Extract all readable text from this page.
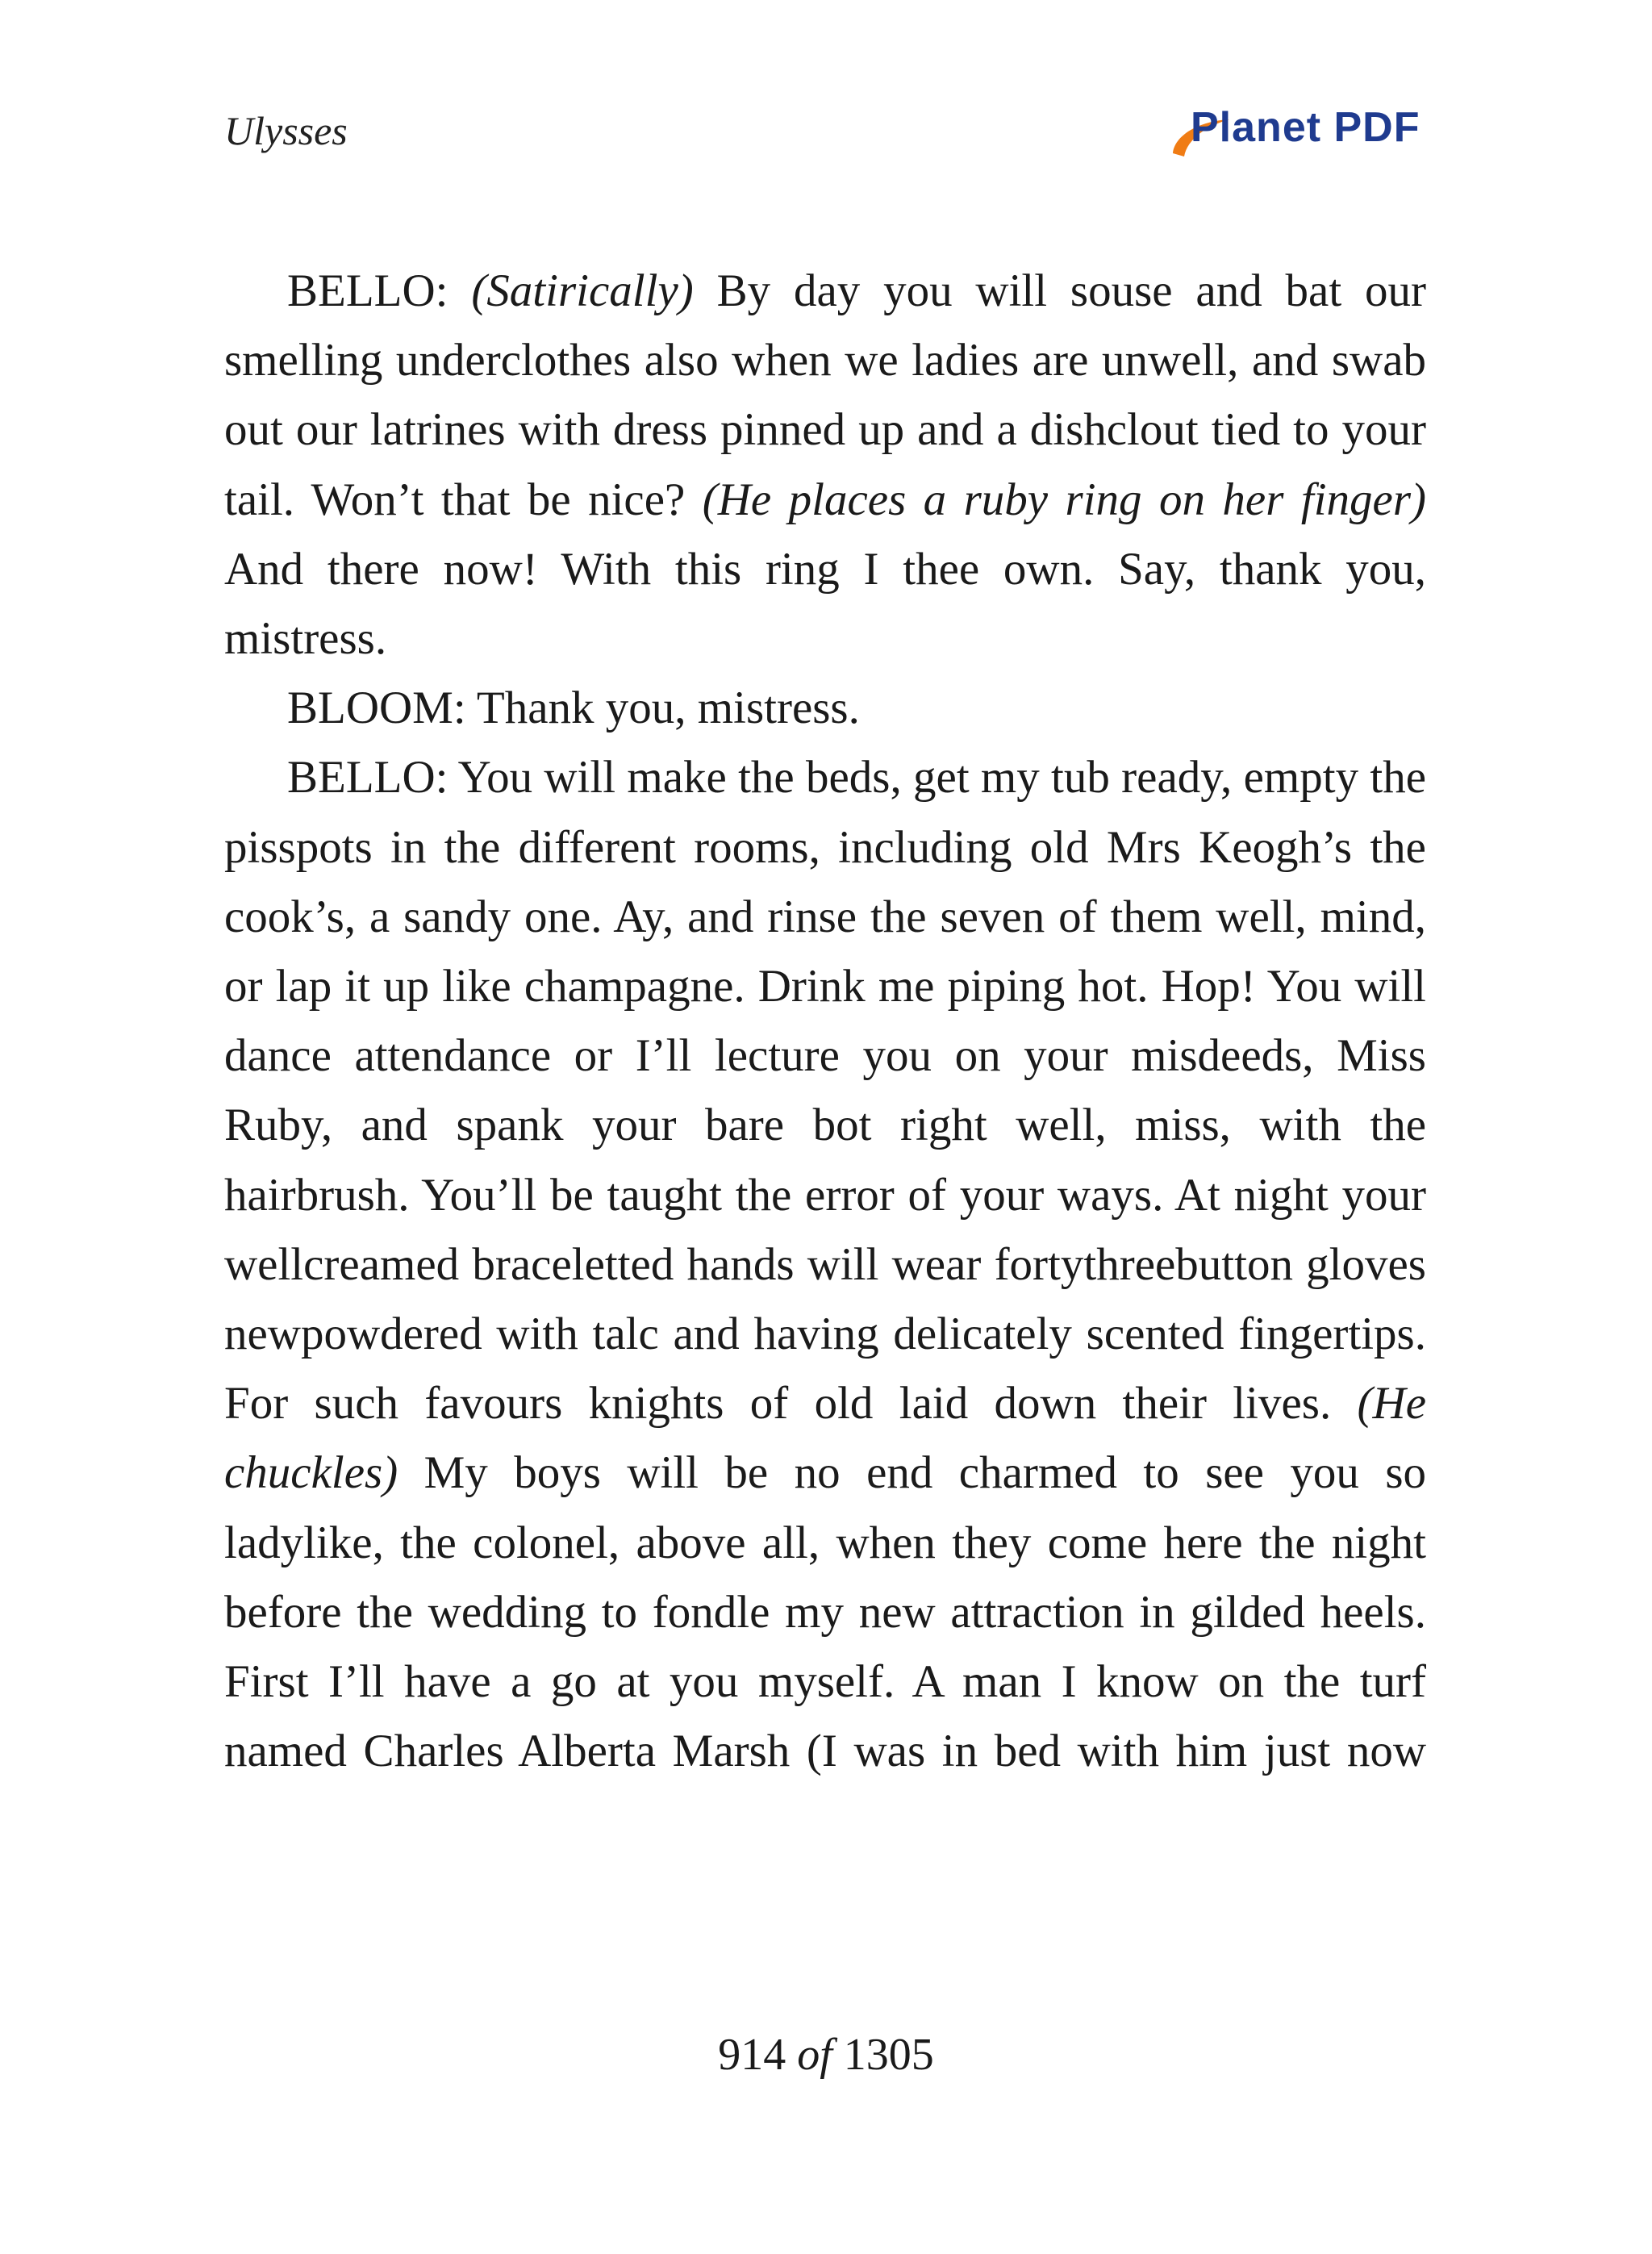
Ulysses	Planet PDF

BELLO: (Satirically) By day you will souse and bat our smelling underclothes also when we ladies are unwell, and swab out our latrines with dress pinned up and a dishclout tied to your tail. Won’t that be nice? (He places a ruby ring on her finger) And there now! With this ring I thee own. Say, thank you, mistress.

BLOOM: Thank you, mistress.

BELLO: You will make the beds, get my tub ready, empty the pisspots in the different rooms, including old Mrs Keogh’s the cook’s, a sandy one. Ay, and rinse the seven of them well, mind, or lap it up like champagne. Drink me piping hot. Hop! You will dance attendance or I’ll lecture you on your misdeeds, Miss Ruby, and spank your bare bot right well, miss, with the hairbrush. You’ll be taught the error of your ways. At night your wellcreamed braceletted hands will wear fortythreebutton gloves newpowdered with talc and having delicately scented fingertips. For such favours knights of old laid down their lives. (He chuckles) My boys will be no end charmed to see you so ladylike, the colonel, above all, when they come here the night before the wedding to fondle my new attraction in gilded heels. First I’ll have a go at you myself. A man I know on the turf named Charles Alberta Marsh (I was in bed with him just now

914 of 1305
